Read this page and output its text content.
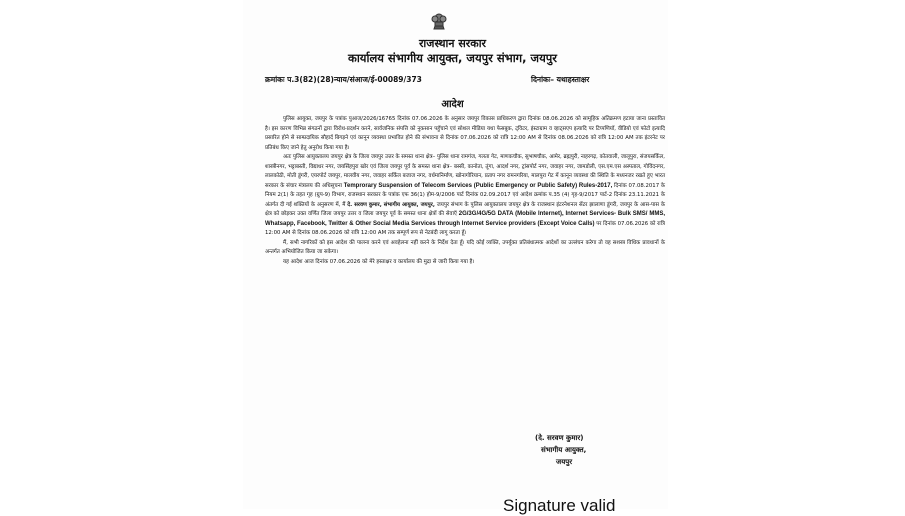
राजस्थान सरकार
कार्यालय संभागीय आयुक्त, जयपुर संभाग, जयपुर
क्रमांकः प.3(82)(28)न्याय/संआज/ई-00089/373	दिनांकः– यथाहस्ताक्षर
आदेश

पुलिस आयुक्त, जयपुर के पत्रांक पुआज/2026/16765 दिनांक 07.06.2026 के अनुसार जयपुर विकास प्राधिकरण द्वारा दिनांक 08.06.2026 को सामूहिक अतिक्रमण हटाया जाना प्रस्तावित है। इस कारण विभिन्न संगठनों द्वारा विरोध-प्रदर्शन करने, सार्वजनिक संपत्ति को नुकसान पहुँचाने एवं सोशल मीडिया यथा फेसबुक, ट्विटर, इंस्टाग्राम व व्हाट्सएप इत्यादि पर टिप्पणियाँ, वीडियो एवं फोटो इत्यादि प्रसारित होने से साम्प्रदायिक सौहार्द बिगड़ने एवं कानून व्यवस्था प्रभावित होने की संभावना से दिनांक 07.06.2026 को रात्रि 12:00 AM से दिनांक 08.06.2026 को रात्रि 12:00 AM तक इंटरनेट पर प्रतिबंध किए जाने हेतु अनुरोध किया गया है।

अतः पुलिस आयुक्तालय जयपुर क्षेत्र के जिला जयपुर उत्तर के समस्त थाना क्षेत्र– पुलिस थाना रामगंज, गलता गेट, माणकचौक, सुभाषचौक, आमेर, ब्रह्मपुरी, नाहरगढ़, कोतवाली, जालूपुरा, संजयसर्किल, शास्त्रीनगर, भट्टाबस्ती, विद्याधर नगर, जयसिंहपुरा खोर एवं जिला जयपुर पूर्व के समस्त थाना क्षेत्र– बस्सी, कानोता, तूंगा, आदर्श नगर, ट्रांसपोर्ट नगर, जवाहर नगर, जामडोली, एस.एम.एस अस्पताल, गोविंदनगर, लालकोठी, मोती डूंगरी, एयरपोर्ट जयपुर, मालवीय नगर, जवाहर सर्किल बजाज नगर, वर्धमानिर्माण, खोनागोरियान, प्रताप नगर रामनगरिया, मालपुरा गेट में कानून व्यवस्था की स्थिति के मध्यनजर रखते हुए भारत सरकार के संचार मंत्रालय की अधिसूचना Temprorary Suspension of Telecom Services (Public Emergency or Public Safety) Rules-2017, दिनांक 07.08.2017 के नियम 2(1) के तहत गृह (ग्रुप-9) विभाग, राजस्थान सरकार के पत्रांक एफ 36(1) होम-9/2006 पार्ट दिनांक 02.09.2017 एवं आदेश क्रमांक प.35 (4) गृह-9/2017 पार्ट-2 दिनांक 23.11.2021 के अंतर्गत दी गई शक्तियों के अनुसरण में, मैं दे. सरवण कुमार, संभागीय आयुक्त, जयपुर, जयपुर संभाग के पुलिस आयुक्तालय जयपुर क्षेत्र के राजस्थान इंटरनेशनल सेंटर झालाणा डूंगरी, जयपुर के आस-पास के क्षेत्र को छोड़कर उक्त वर्णित जिला जयपुर उत्तर व जिला जयपुर पूर्व के समस्त थाना क्षेत्रों की सेवाएँ 2G/3G/4G/5G DATA (Mobile Internet), Internet Services- Bulk SMS/ MMS, Whatsapp, Facebook, Twitter & Other Social Media Services through Internet Service providers (Except Voice Calls) पर दिनांक 07.06.2026 को रात्रि 12:00 AM से दिनांक 08.06.2026 को रात्रि 12:00 AM तक सम्पूर्ण रूप से नेटबंदी लागू करता हूँ।

मैं, सभी नागरिकों को इस आदेश की पालना करने एवं अवहेलना नहीं करने के निर्देश देता हूँ। यदि कोई व्यक्ति, उपर्युक्त प्रतिबंधात्मक आदेशों का उल्लंघन करेगा तो वह सशस्त्र विधिक प्रावधानों के अन्तर्गत अभियोजित किया जा सकेगा।

यह आदेश आज दिनांक 07.06.2026 को मेरे हस्ताक्षर व कार्यालय की मुद्रा से जारी किया गया है।

(दे. सरवण कुमार)
संभागीय आयुक्त,
जयपुर
Signature valid
